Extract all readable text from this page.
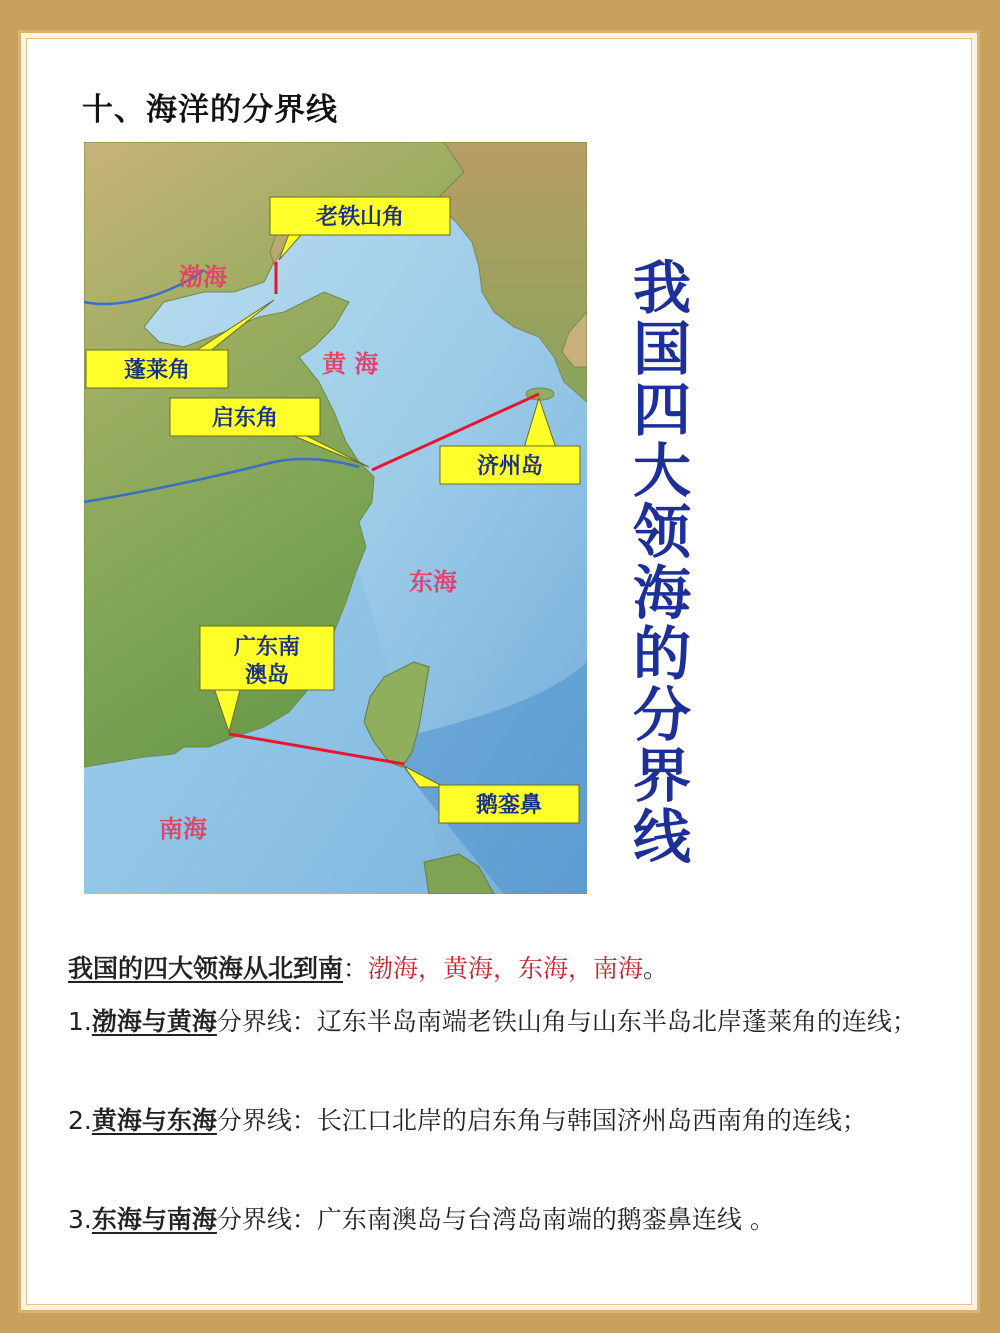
十、海洋的分界线
渤海
黄 海
东海
南海
老铁山角
蓬莱角
启东角
济州岛
广东南
澳岛
鹅銮鼻
我
国
四
大
领
海
的
分
界
线
我国的四大领海从北到南：渤海，黄海，东海，南海。
1.渤海与黄海分界线：辽东半岛南端老铁山角与山东半岛北岸蓬莱角的连线；
2.黄海与东海分界线：长江口北岸的启东角与韩国济州岛西南角的连线；
3.东海与南海分界线：广东南澳岛与台湾岛南端的鹅銮鼻连线 。
